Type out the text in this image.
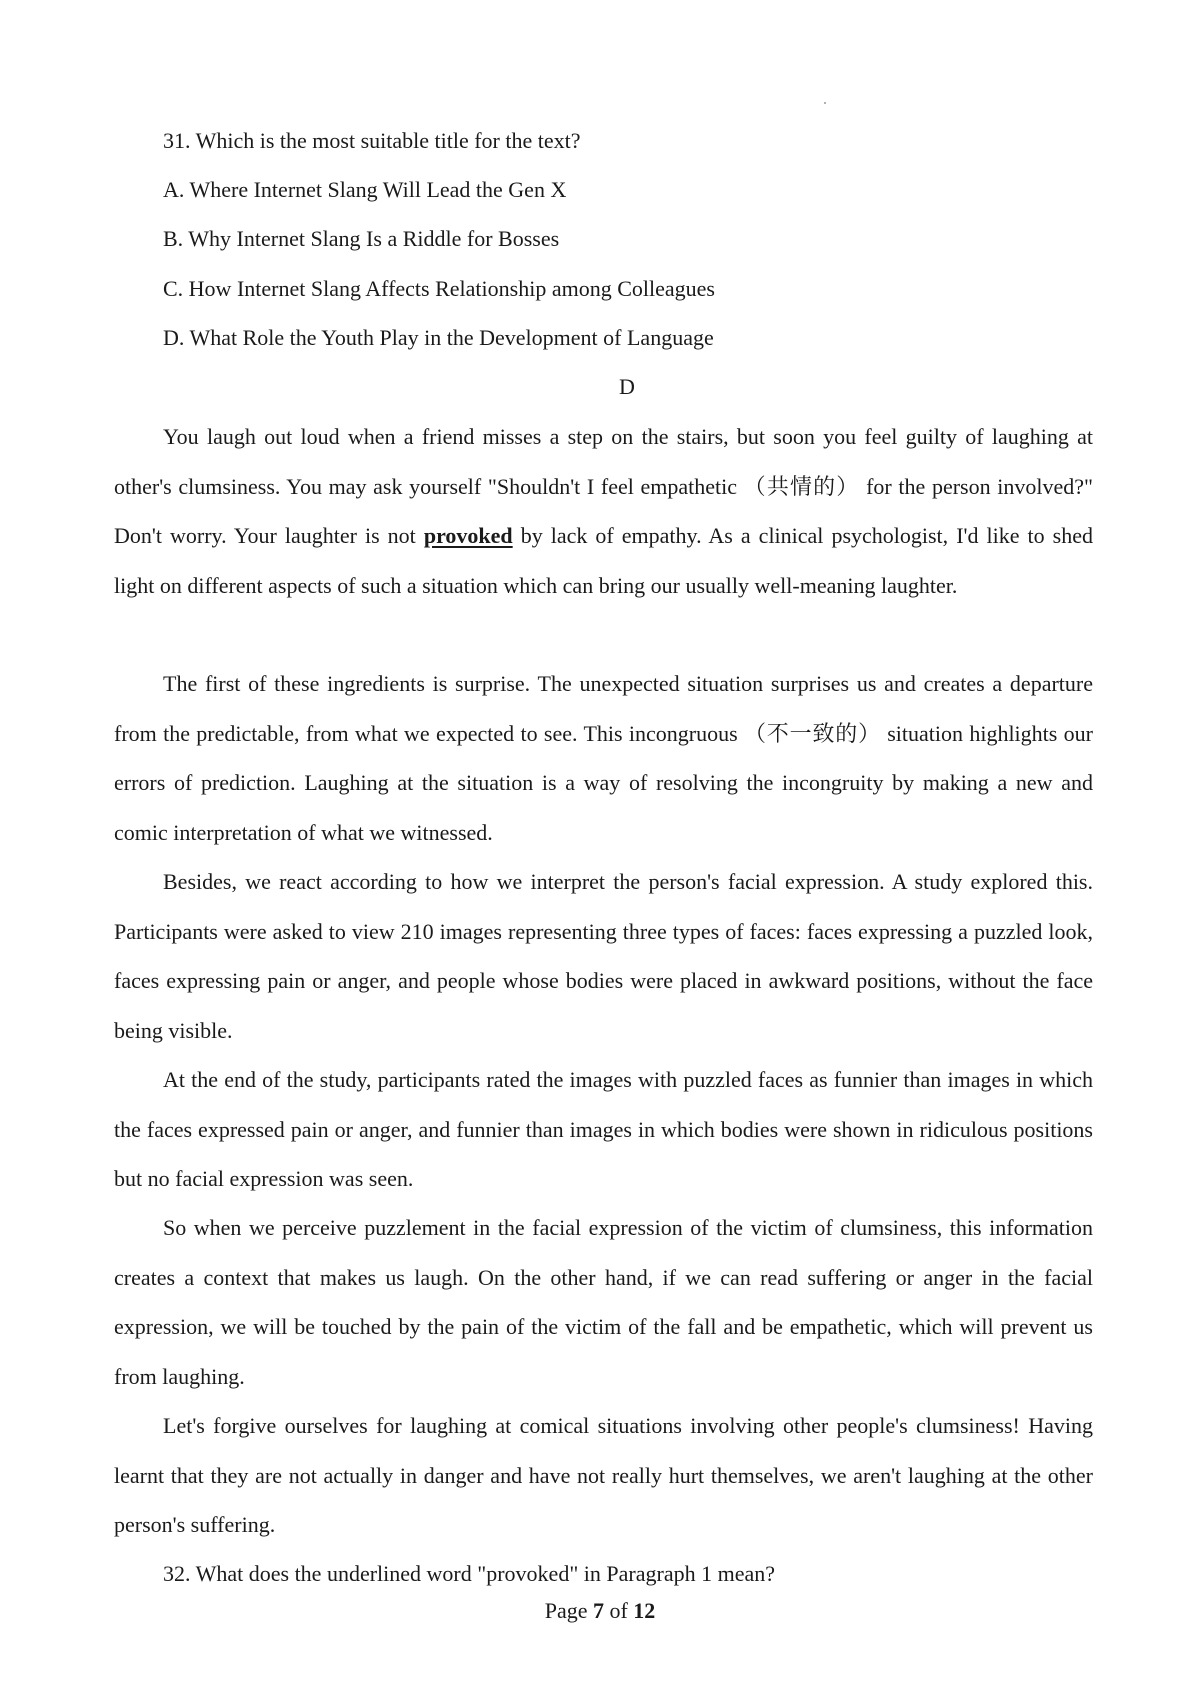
31. Which is the most suitable title for the text?
A. Where Internet Slang Will Lead the Gen X
B. Why Internet Slang Is a Riddle for Bosses
C. How Internet Slang Affects Relationship among Colleagues
D. What Role the Youth Play in the Development of Language
D
You laugh out loud when a friend misses a step on the stairs, but soon you feel guilty of laughing at other's clumsiness. You may ask yourself "Shouldn't I feel empathetic （共情的） for the person involved?" Don't worry. Your laughter is not provoked by lack of empathy. As a clinical psychologist, I'd like to shed light on different aspects of such a situation which can bring our usually well-meaning laughter.
The first of these ingredients is surprise. The unexpected situation surprises us and creates a departure from the predictable, from what we expected to see. This incongruous （不一致的） situation highlights our errors of prediction. Laughing at the situation is a way of resolving the incongruity by making a new and comic interpretation of what we witnessed.
Besides, we react according to how we interpret the person's facial expression. A study explored this. Participants were asked to view 210 images representing three types of faces: faces expressing a puzzled look, faces expressing pain or anger, and people whose bodies were placed in awkward positions, without the face being visible.
At the end of the study, participants rated the images with puzzled faces as funnier than images in which the faces expressed pain or anger, and funnier than images in which bodies were shown in ridiculous positions but no facial expression was seen.
So when we perceive puzzlement in the facial expression of the victim of clumsiness, this information creates a context that makes us laugh. On the other hand, if we can read suffering or anger in the facial expression, we will be touched by the pain of the victim of the fall and be empathetic, which will prevent us from laughing.
Let's forgive ourselves for laughing at comical situations involving other people's clumsiness! Having learnt that they are not actually in danger and have not really hurt themselves, we aren't laughing at the other person's suffering.
32. What does the underlined word "provoked" in Paragraph 1 mean?
Page 7 of 12
